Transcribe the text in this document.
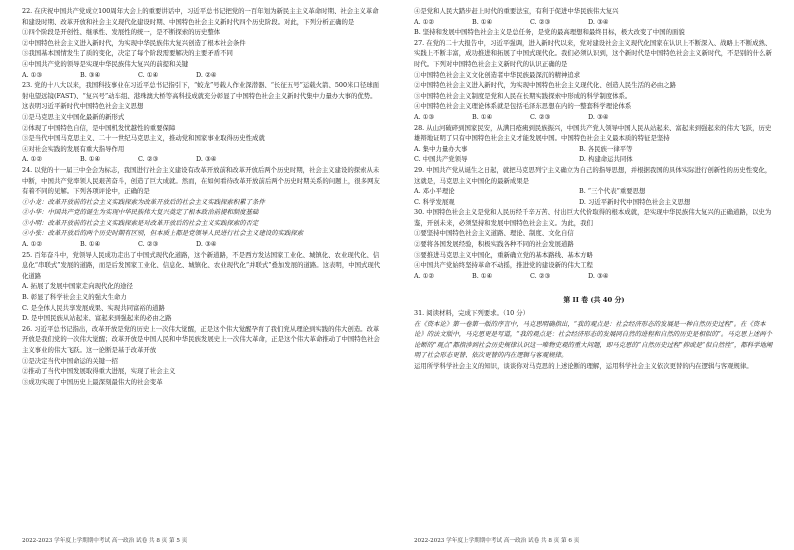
22. 在庆祝中国共产党成立100周年大会上的重要讲话中，习近平总书记把党的一百年划为新民主主义革命时期、社会主义革命和建设时期、改革开放和社会主义现代化建设时期、中国特色社会主义新时代四个历史阶段。对此，下列分析正确的是

①四个阶段是开创性、继承性、发展性的统一，是不断探索的历史整体

②中国特色社会主义进入新时代，为实现中华民族伟大复兴创造了根本社会条件

③我国基本国情发生了质的变化，决定了每个阶段需要解决的主要矛盾不同

④中国共产党的领导是实现中华民族伟大复兴的前提和关键

A. ①③	B. ③④	C. ①④	D. ②④

23. 党的十八大以来，我国科技事业在习近平总书记指引下，“蛟龙”号载人作业深潜器、“长征五号”运载火箭、500米口径球面射电望远镜(FAST)、“复兴号”动车组、港珠澳大桥等高科技成就充分彰显了中国特色社会主义新时代集中力量办大事的优势。这表明习近平新时代中国特色社会主义思想

①是马克思主义中国化最新的新形式

②体现了中国特色自信，是中国机发忧越性的重要保障

③是当代中国马克思主义、二十一世纪马克思主义，推动党和国家事业取得历史性成就

④对社会实践的发展有重大指导作用

A. ①②	B. ①④	C. ②③	D. ③④

24. 以党的十一届三中全会为标志，我国进行社会主义建设有改革开放前和改革开放后两个历史时期，社会主义建设的探索从未中断，中国共产党率领人民艰苦奋斗，创造了巨大成就。然而，在如何看待改革开放前后两个历史时期关系的问题上，很多网友有着不同的见解。下列各项评论中，正确的是

①小龙：改革开放前的社会主义实践探索为改革开放后的社会主义实践探索积累了条件

②小华：中国共产党的诞生为实现中华民族伟大复兴奠定了根本政治前提和制度基础

③小明：改革开放前的社会主义实践探索是对改革开放后的社会主义实践探索的否定

④小张：改革开放后的两个历史时期有区别，但本质上都是党领导人民进行社会主义建设的实践探索

A. ①②	B. ①④	C. ②③	D. ③④

25. 百年奋斗中，党领导人民成功走出了中国式现代化道路，这个新道路，不是西方发达国家工业化、城镇化、农业现代化、信息化“串联式”发展的道路，而是后发国家工业化、信息化、城镇化、农业现代化“并联式”叠加发展的道路。这表明，中国式现代化道路

A. 拓展了发展中国家走向现代化的途径

B. 彰显了科学社会主义的强大生命力

C. 是全体人民共享发展成果、实现共同富裕的道路

D. 是中国民族从站起来、富起来到强起来的必由之路

26. 习近平总书记指出，改革开放是党的历史上一次伟大觉醒，正是这个伟大觉醒孕育了我们党从理论到实践的伟大创造。改革开放是我们党的一次伟大觉醒；改革开放是中国人民和中华民族发展史上一次伟大革命，正是这个伟大革命推动了中国特色社会主义事业的伟大飞跃。这一论断是基于改革开放

①是决定当代中国命运的关键一招

②推动了当代中国发展取得重大进展，实现了社会主义

③成功实现了中国历史上最深刻最伟大的社会变革

④是党和人民大踏步赶上时代的重要法宝，有利于促进中华民族伟大复兴

A. ①②	B. ①④	C. ②③	D. ③④

B. 坚持和发展中国特色社会主义是总任务，是党的最高理想和最终目标，极大改变了中国的面貌

27. 在党的二十大报告中，习近平强调，进入新时代以来，党对建设社会主义现代化国家在认识上不断深入、战略上不断成熟、实践上不断丰富，成功推进和拓展了中国式现代化。我们必须认识到，这个新时代是中国特色社会主义新时代，不是别的什么新时代。下列对中国特色社会主义新时代的认识正确的是

①中国特色社会主义文化创造者中华民族最深沉的精神追求

②中国特色社会主义进入新时代，为实现中国特色社会主义现代化、创造人民生活的必由之路

③中国特色社会主义制度是党和人民在长期实践探索中形成的科学制度体系。

④中国特色社会主义理论体系就是包括毛泽东思想在内的一整套科学理论体系

A. ①③	B. ①④	C. ②③	D. ③④

28. 从山河破碎到国家民安，从满目疮痍到民族振兴，中国共产党人领导中国人民从站起来、富起来到强起来的伟大飞跃，历史雄辩地证明了只有中国特色社会主义才能发展中国。中国特色社会主义最本质的特征是坚持

A. 集中力量办大事	B. 各民族一律平等
C. 中国共产党领导	D. 构建命运共同体

29. 中国共产党从诞生之日起，就把马克思列宁主义确立为自己的指导思想，并根据我国的具体实际进行创新性的历史性变化，这就是，马克思主义中国化的最新成果是

A. 邓小平理论	B. “三个代表”重要思想
C. 科学发展观	D. 习近平新时代中国特色社会主义思想

30. 中国特色社会主义是党和人民历经千辛万苦、付出巨大代价取得的根本成就，是实现中华民族伟大复兴的正确道路，以史为鉴，开创未来，必须坚持和发展中国特色社会主义。为此，我们

①要坚持中国特色社会主义道路、理论、制度、文化自信

②要将各国发展经验，积极实践各种不同的社会发展道路

③要推进马克思主义中国化，重新确立党的基本路线、基本方略

④中国共产党始终坚持革命不动摇，推进党的建设新的伟大工程

A. ①②	B. ①④	C. ②③	D. ③④
第 II 卷 (共 40 分)

31. 阅读材料，完成下列要求。（10 分）

在《资本论》第一卷第一版的序言中，马克思明确指出，“我的观点是：社会经济形态的发展是一种自然历史过程”。在《资本论》的法文版中，马克思更是写道，“我的观点是：社会经济形态的发展同自然的进程和自然的历史是相似的”。马克思上述两个论断的“观点”都指涉到社会历史规律认识这一唯物史观的重大问题，即马克思的“自然历史过程”抑或是“似自然性”，都科学地阐明了社会形态更替、依次更替的内在逻辑与客观规律。

运用所学科学社会主义的知识，谈谈你对马克思的上述论断的理解，运用科学社会主义依次更替的内在逻辑与客观规律。

2022-2023 学年度上学期期中考试 高一政治 试卷 共 8 页 第 5 页	2022-2023 学年度上学期期中考试 高一政治 试卷 共 8 页 第 6 页
